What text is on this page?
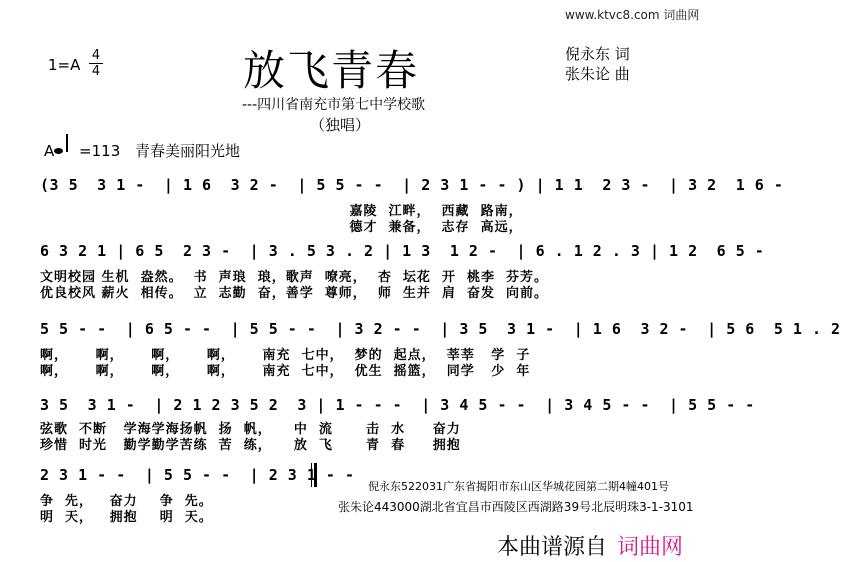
www.ktvc8.com 词曲网
1=A
4
4	放飞青春	倪永东 词
张朱论 曲
---四川省南充市第七中学校歌
（独唱）
A =113 青春美丽阳光地
(3 5  3 1 -  | 1 6  3 2 -  | 5 5 - -  | 2 3 1 - - ) | 1 1  2 3 -  | 3 2  1 6 -
嘉陵  江畔，  西藏  路南，
德才  兼备，  志存  高远，
6 3 2 1 | 6 5  2 3 -  | 3 . 5 3 . 2 | 1 3  1 2 -  | 6 . 1 2 . 3 | 1 2  6 5 -
文明校园 生机  盎然。  书  声琅  琅，歌声  嘹亮，  杏  坛花  开  桃李  芬芳。
优良校风 薪火  相传。  立  志勤  奋，善学  尊师，  师  生并  肩  奋发  向前。
5 5 - -  | 6 5 - -  | 5 5 - -  | 3 2 - -  | 3 5  3 1 -  | 1 6  3 2 -  | 5 6  5 1 . 2
啊，     啊，     啊，     啊，     南充  七中，  梦的  起点，  莘莘   学  子
啊，     啊，     啊，     啊，     南充  七中，  优生  摇篮，  同学   少  年
3 5  3 1 -  | 2 1 2 3 5 2  3 | 1 - - -  | 3 4 5 - -  | 3 4 5 - -  | 5 5 - -
弦歌  不断   学海学海扬帆  扬  帆，    中  流      击  水     奋力
珍惜  时光   勤学勤学苦练  苦  练，    放  飞      青  春     拥抱
2 3 1 - -  | 5 5 - -  | 2 3 1 - -
争  先，   奋力    争  先。
明  天，   拥抱    明  天。
倪永东522031广东省揭阳市东山区华城花园第二期4幢401号
张朱论443000湖北省宜昌市西陵区西湖路39号北辰明珠3-1-3101
本曲谱源自 词曲网
